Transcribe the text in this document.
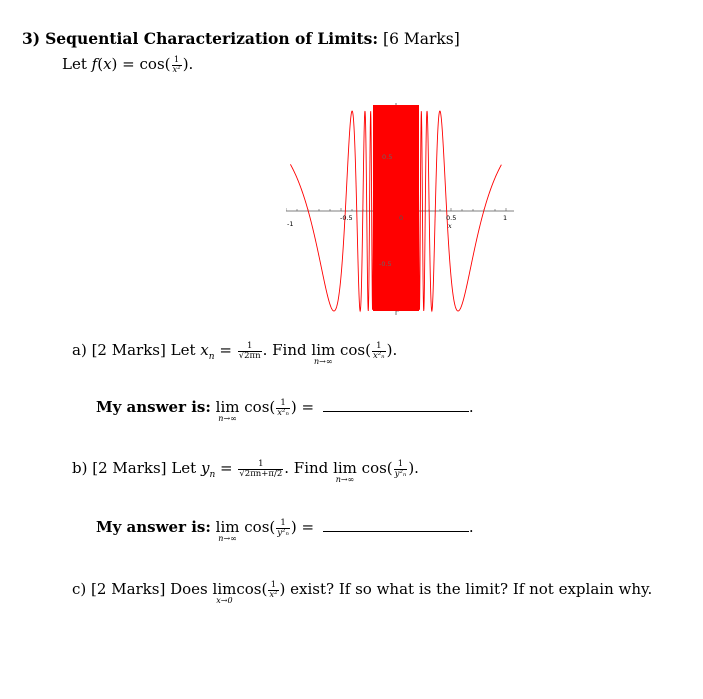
3) Sequential Characterization of Limits: [6 Marks]
Let $f(x) = \cos( \frac{1}{\text{x²}}$ ).
-1
-0.5	0.5	1
0.5
-0.5
0
x
a) [2 Marks] Let $x_n = \frac{1}{√2\pi n}$ . Find lim
n→∞
$\cos( \frac{1}{\text{x²ₙ}}$ ).
My answer is: lim
n→∞
$\cos( \frac{1}{\text{x²ₙ}}$ ) =	.
b) [2 Marks] Let $y_n = \frac{1}{√2\pi n+\pi/2}$ . Find lim
n→∞
$\cos( \frac{1}{\text{y²ₙ}}$ ).
My answer is: lim
n→∞
$\cos( \frac{1}{\text{y²ₙ}}$ ) =	.
c) [2 Marks] Does lim
x→0
$\cos( \frac{1}{\text{x²}}$ ) exist? If so what is the limit? If not explain why.
